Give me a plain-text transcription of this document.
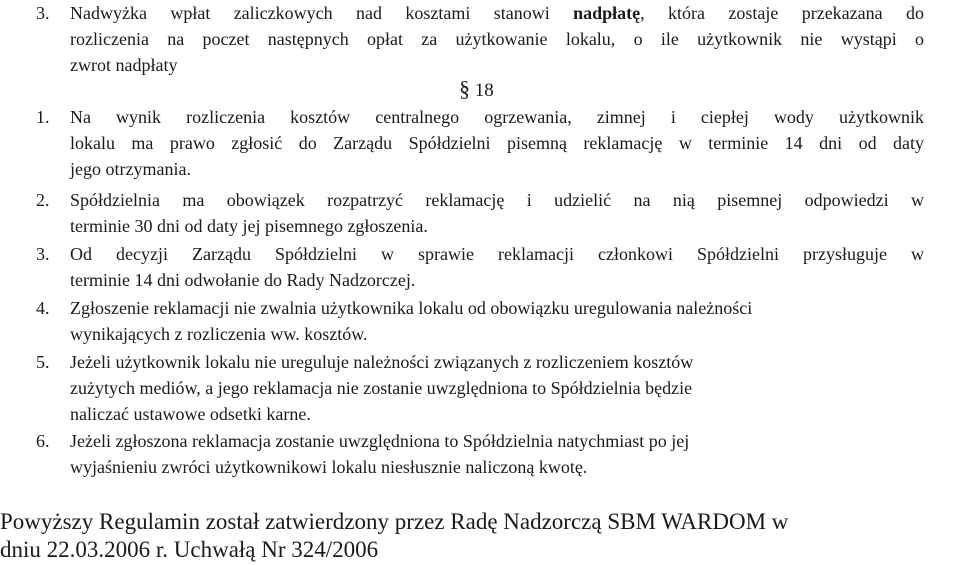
3.	Nadwyżka wpłat zaliczkowych nad kosztami stanowi nadpłatę, która zostaje przekazana do
rozliczenia na poczet następnych opłat za użytkowanie lokalu, o ile użytkownik nie wystąpi o
zwrot nadpłaty
§ 18
1.	Na wynik rozliczenia kosztów centralnego ogrzewania, zimnej i ciepłej wody użytkownik
lokalu ma prawo zgłosić do Zarządu Spółdzielni pisemną reklamację w terminie 14 dni od daty
jego otrzymania.
2.	Spółdzielnia ma obowiązek rozpatrzyć reklamację i udzielić na nią pisemnej odpowiedzi w
terminie 30 dni od daty jej pisemnego zgłoszenia.
3.	Od decyzji Zarządu Spółdzielni w sprawie reklamacji członkowi Spółdzielni przysługuje w
terminie 14 dni odwołanie do Rady Nadzorczej.
4.	Zgłoszenie reklamacji nie zwalnia użytkownika lokalu od obowiązku uregulowania należności
wynikających z rozliczenia ww. kosztów.
5.	Jeżeli użytkownik lokalu nie ureguluje należności związanych z rozliczeniem kosztów
zużytych mediów, a jego reklamacja nie zostanie uwzględniona to Spółdzielnia będzie
naliczać ustawowe odsetki karne.
6.	Jeżeli zgłoszona reklamacja zostanie uwzględniona to Spółdzielnia natychmiast po jej
wyjaśnieniu zwróci użytkownikowi lokalu niesłusznie naliczoną kwotę.
Powyższy Regulamin został zatwierdzony przez Radę Nadzorczą SBM WARDOM w
dniu 22.03.2006 r. Uchwałą Nr 324/2006
